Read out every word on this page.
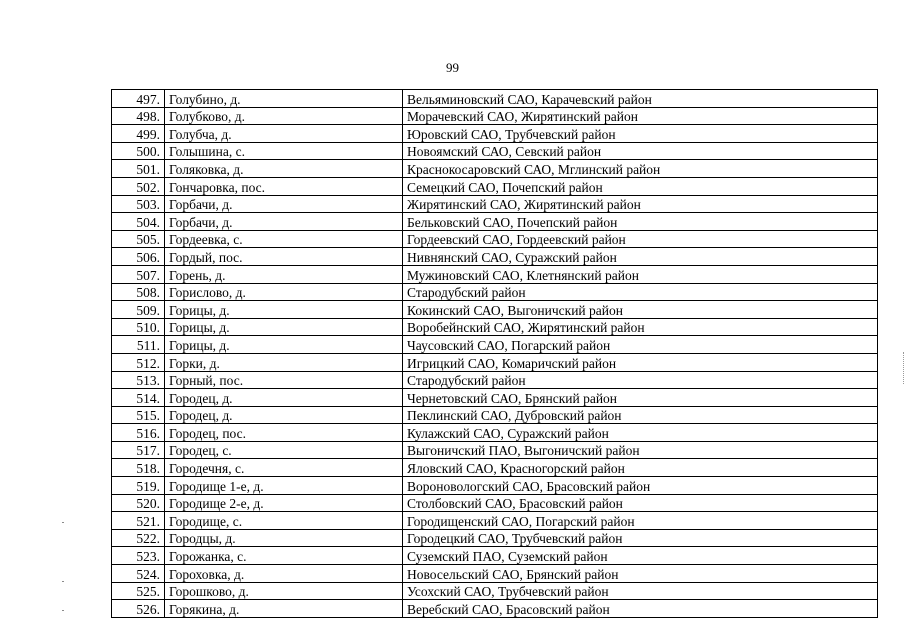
99
497.	Голубино, д.	Вельяминовский САО, Карачевский район
498.	Голубково, д.	Морачевский САО, Жирятинский район
499.	Голубча, д.	Юровский САО, Трубчевский район
500.	Голышина, с.	Новоямский САО, Севский район
501.	Голяковка, д.	Краснокосаровский САО, Мглинский район
502.	Гончаровка, пос.	Семецкий САО, Почепский район
503.	Горбачи, д.	Жирятинский САО, Жирятинский район
504.	Горбачи, д.	Бельковский САО, Почепский район
505.	Гордеевка, с.	Гордеевский САО, Гордеевский район
506.	Гордый, пос.	Нивнянский САО, Суражский район
507.	Горень, д.	Мужиновский САО, Клетнянский район
508.	Горислово, д.	Стародубский район
509.	Горицы, д.	Кокинский САО, Выгоничский район
510.	Горицы, д.	Воробейнский САО, Жирятинский район
511.	Горицы, д.	Чаусовский САО, Погарский район
512.	Горки, д.	Игрицкий САО, Комаричский район
513.	Горный, пос.	Стародубский район
514.	Городец, д.	Чернетовский САО, Брянский район
515.	Городец, д.	Пеклинский САО, Дубровский район
516.	Городец, пос.	Кулажский САО, Суражский район
517.	Городец, с.	Выгоничский ПАО, Выгоничский район
518.	Городечня, с.	Яловский САО, Красногорский район
519.	Городище 1-е, д.	Вороновологский САО, Брасовский район
520.	Городище 2-е, д.	Столбовский САО, Брасовский район
521.	Городище, с.	Городищенский САО, Погарский район
522.	Городцы, д.	Городецкий САО, Трубчевский район
523.	Горожанка, с.	Суземский ПАО, Суземский район
524.	Гороховка, д.	Новосельский САО, Брянский район
525.	Горошково, д.	Усохский САО, Трубчевский район
526.	Горякина, д.	Веребский САО, Брасовский район
